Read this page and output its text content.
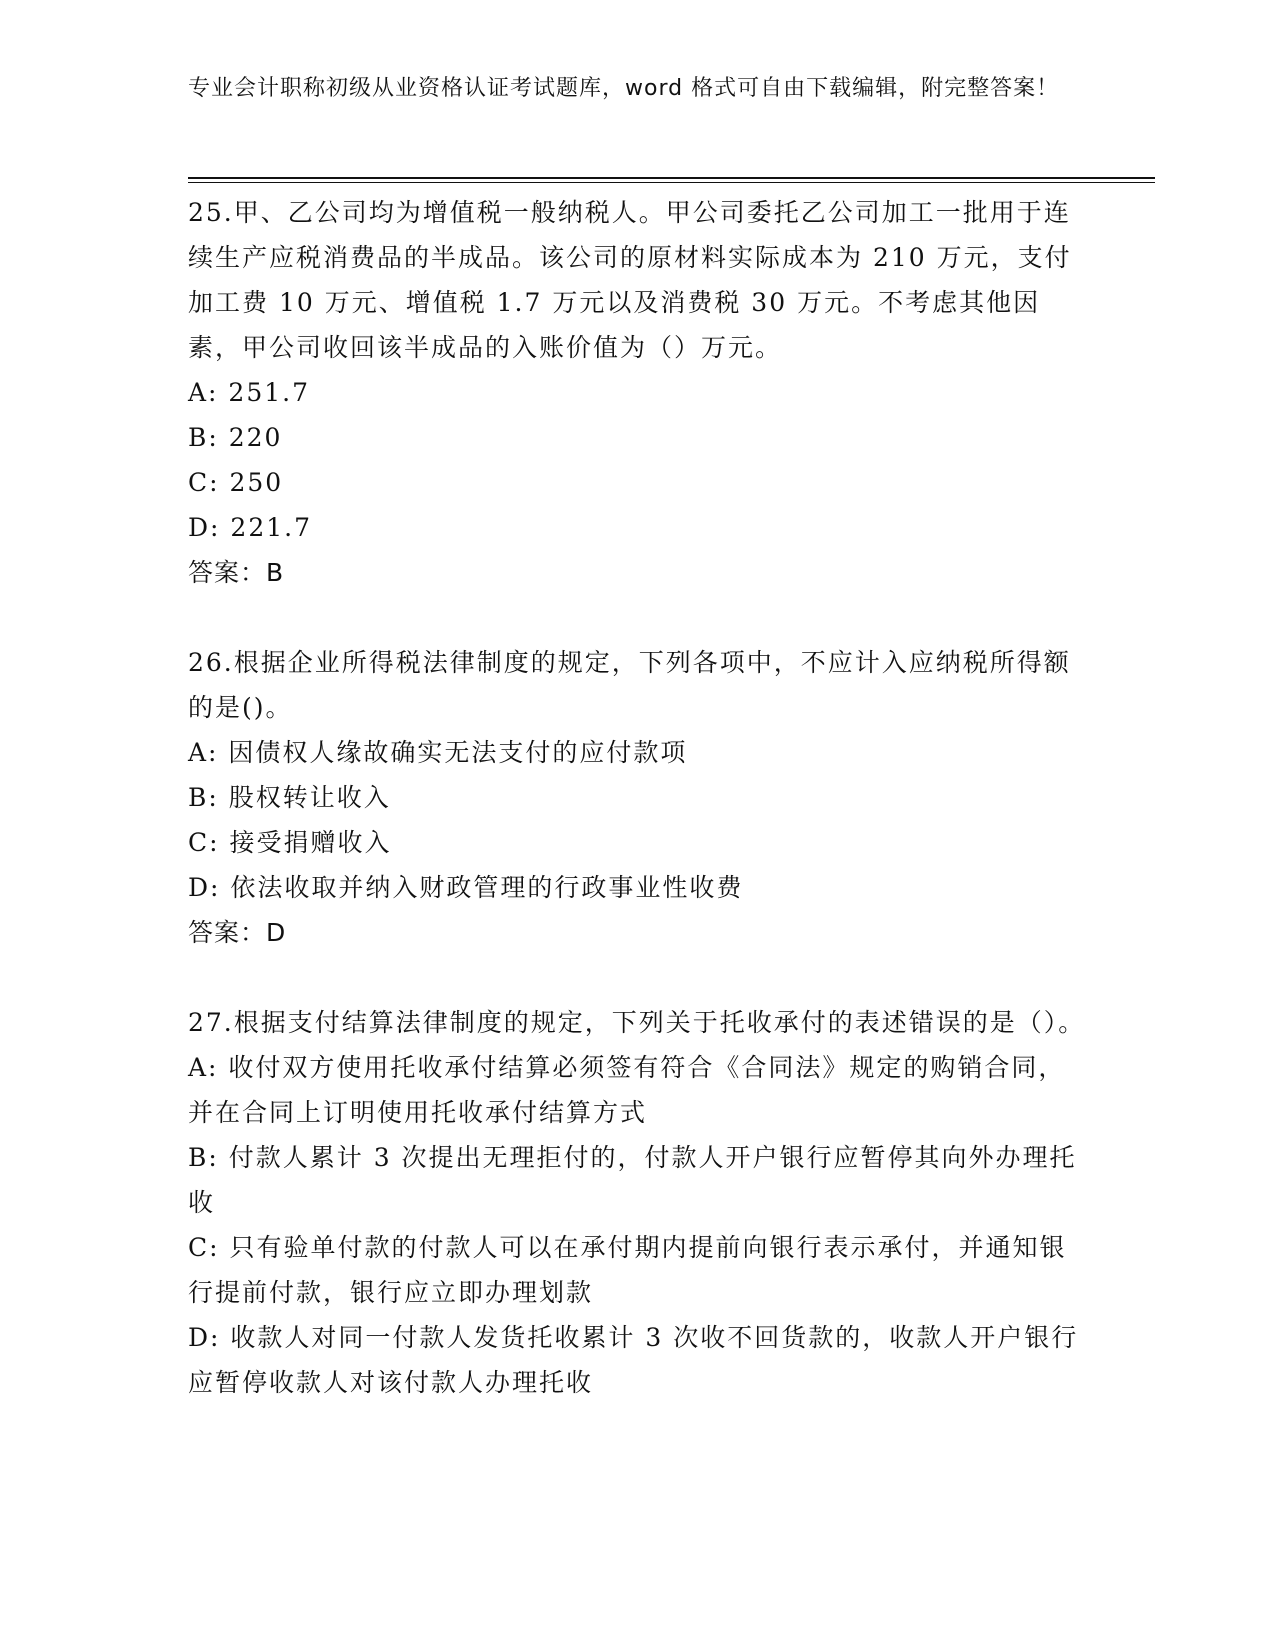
专业会计职称初级从业资格认证考试题库，word 格式可自由下载编辑，附完整答案！
25.甲、乙公司均为增值税一般纳税人。甲公司委托乙公司加工一批用于连续生产应税消费品的半成品。该公司的原材料实际成本为 210 万元，支付加工费 10 万元、增值税 1.7 万元以及消费税 30 万元。不考虑其他因素，甲公司收回该半成品的入账价值为（）万元。
A: 251.7
B: 220
C: 250
D: 221.7
答案：B
26.根据企业所得税法律制度的规定，下列各项中，不应计入应纳税所得额的是()。
A: 因债权人缘故确实无法支付的应付款项
B: 股权转让收入
C: 接受捐赠收入
D: 依法收取并纳入财政管理的行政事业性收费
答案：D
27.根据支付结算法律制度的规定，下列关于托收承付的表述错误的是（）。
A: 收付双方使用托收承付结算必须签有符合《合同法》规定的购销合同，并在合同上订明使用托收承付结算方式
B: 付款人累计 3 次提出无理拒付的，付款人开户银行应暂停其向外办理托收
C: 只有验单付款的付款人可以在承付期内提前向银行表示承付，并通知银行提前付款，银行应立即办理划款
D: 收款人对同一付款人发货托收累计 3 次收不回货款的，收款人开户银行应暂停收款人对该付款人办理托收
